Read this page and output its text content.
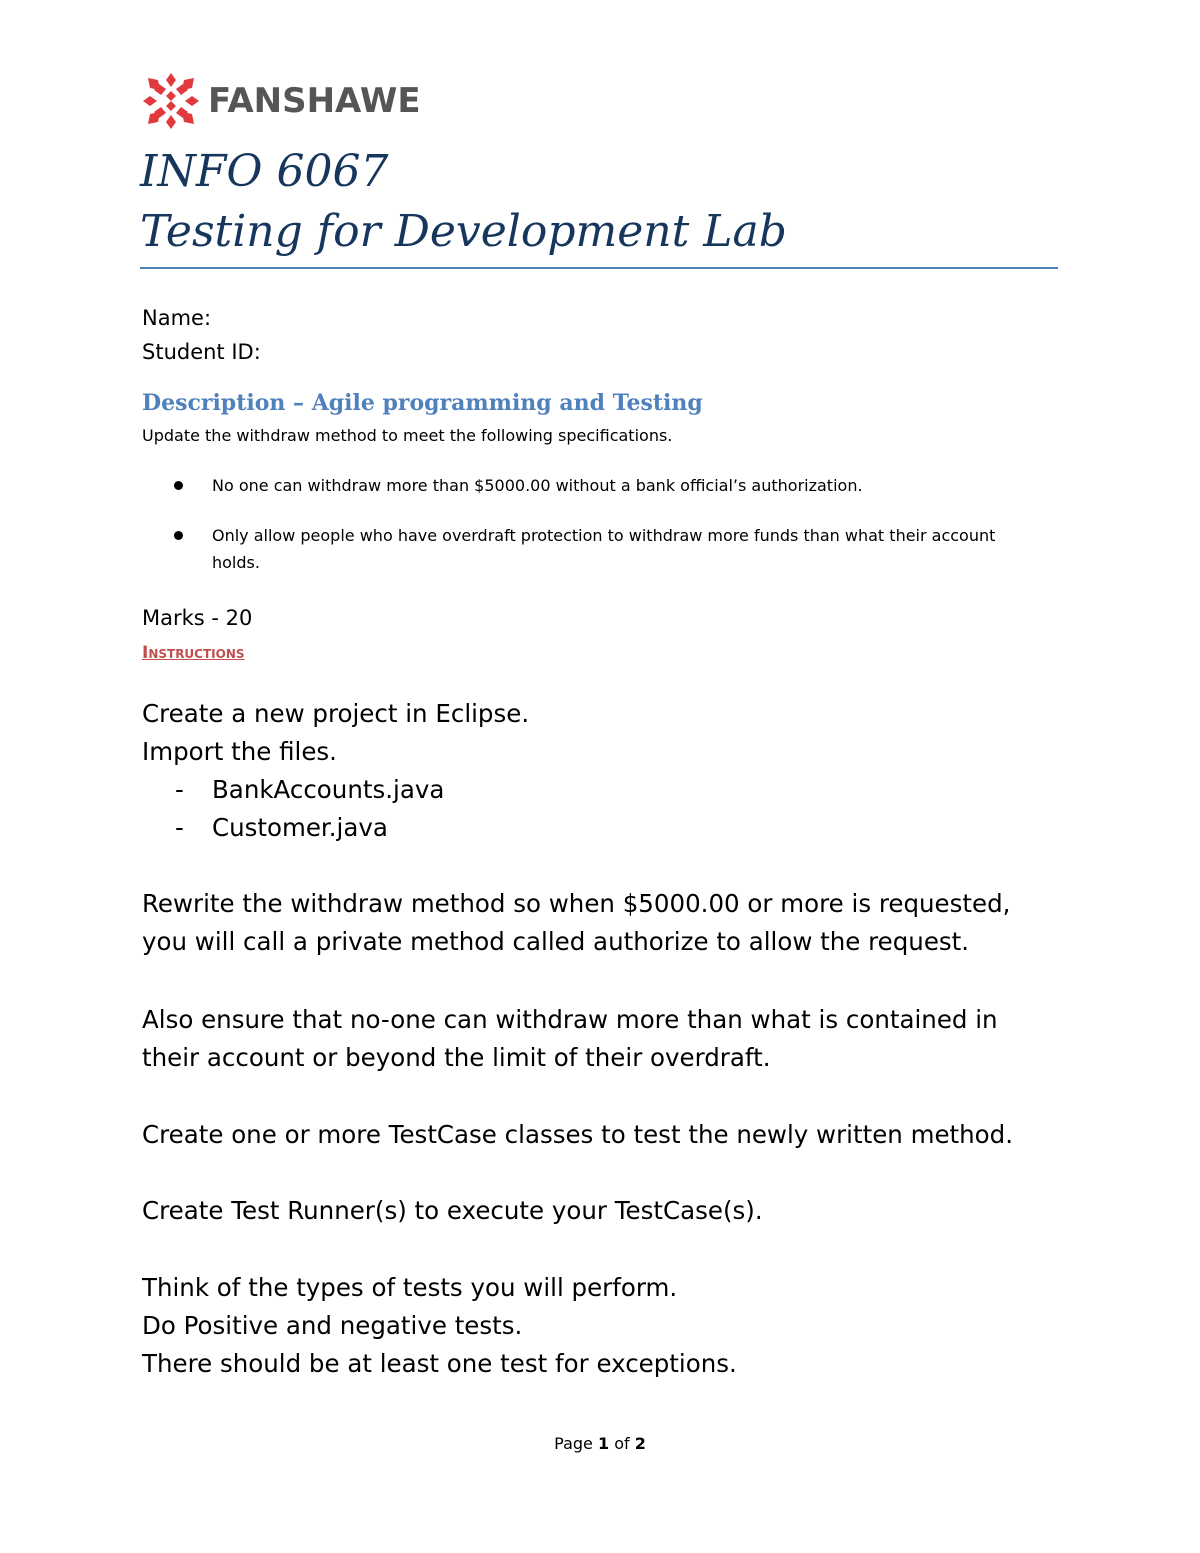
FANSHAWE
INFO 6067
Testing for Development Lab
Name:
Student ID:
Description – Agile programming and Testing
Update the withdraw method to meet the following specifications.
No one can withdraw more than $5000.00 without a bank official’s authorization.
Only allow people who have overdraft protection to withdraw more funds than what their account holds.
Marks - 20
Instructions

Create a new project in Eclipse.

Import the files.

- BankAccounts.java
- Customer.java

Rewrite the withdraw method so when $5000.00 or more is requested,

you will call a private method called authorize to allow the request.

Also ensure that no-one can withdraw more than what is contained in

their account or beyond the limit of their overdraft.

Create one or more TestCase classes to test the newly written method.

Create Test Runner(s) to execute your TestCase(s).

Think of the types of tests you will perform.

Do Positive and negative tests.

There should be at least one test for exceptions.

Page 1 of 2
